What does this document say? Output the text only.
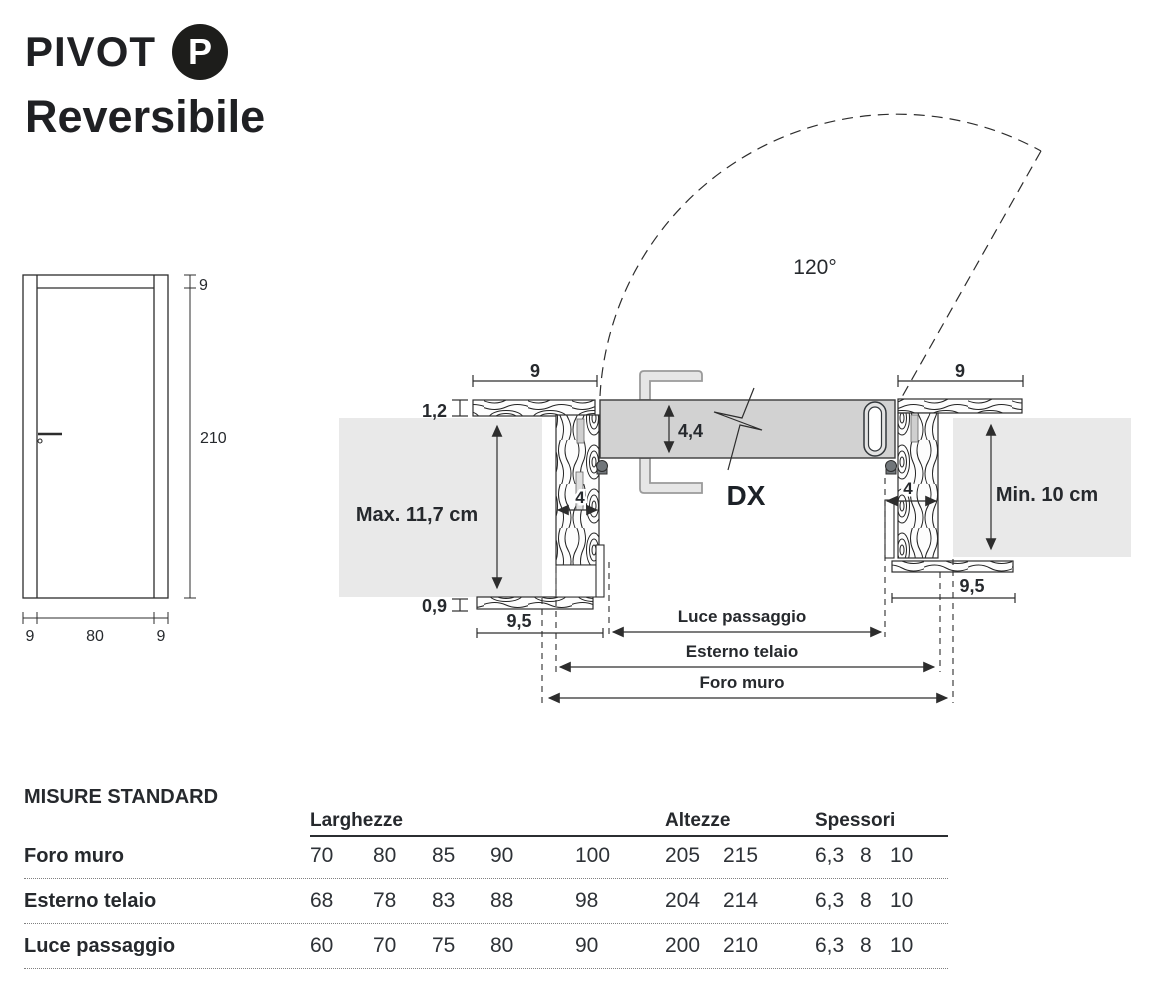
PIVOT P
Reversibile
9
210
9	80	9
120°
DX
9	9
1,2
0,9
4,4
9,5
9,5
4	4
Max. 11,7 cm
Min. 10 cm
Luce passaggio
Esterno telaio
Foro muro
MISURE STANDARD
Larghezze	Altezze	Spessori
Foro muro	70	80	85	90	100	205	215	6,3 8 10
Esterno telaio	68	78	83	88	98	204	214	6,3 8 10
Luce passaggio	60	70	75	80	90	200	210	6,3 8 10
